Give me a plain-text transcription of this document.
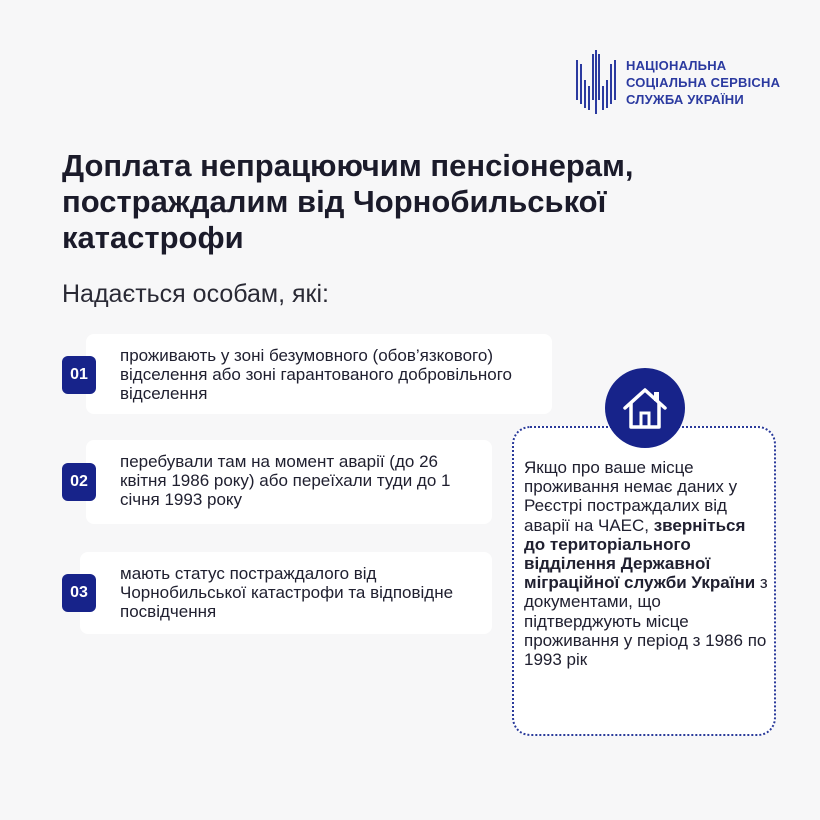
НАЦІОНАЛЬНА
СОЦІАЛЬНА СЕРВІСНА
СЛУЖБА УКРАЇНИ
Доплата непрацюючим пенсіонерам, постраждалим від Чорнобильської катастрофи
Надається особам, які:
01
проживають у зоні безумовного (обов’язкового) відселення або зоні гарантованого добровільного відселення
02
перебували там на момент аварії (до 26 квітня 1986 року) або переїхали туди до 1 січня 1993 року
03
мають статус постраждалого від Чорнобильської катастрофи та відповідне посвідчення
Якщо про ваше місце проживання немає даних у Реєстрі постраждалих від аварії на ЧАЕС, зверніться до територіального відділення Державної міграційної служби України з документами, що підтверджують місце проживання у період з 1986 по 1993 рік
